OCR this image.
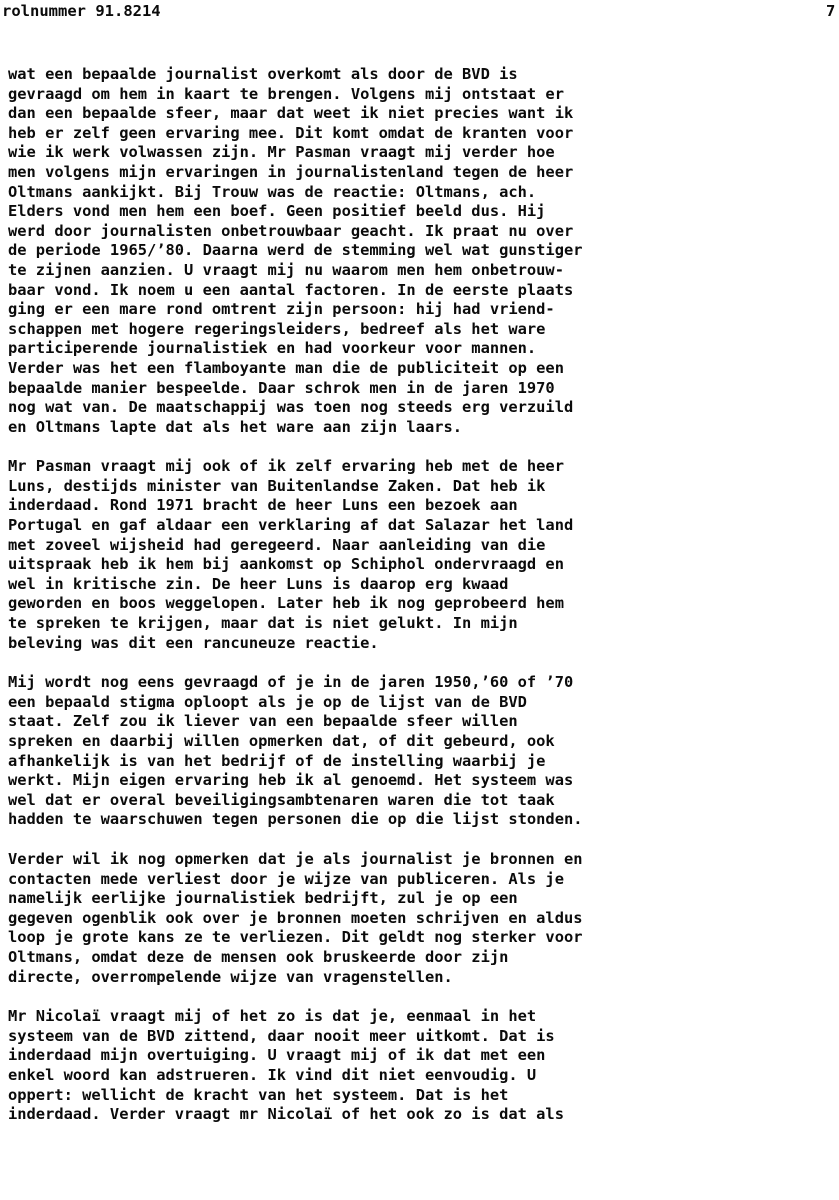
rolnummer 91.8214

	7

wat een bepaalde journalist overkomt als door de BVD is
gevraagd om hem in kaart te brengen. Volgens mij ontstaat er
dan een bepaalde sfeer, maar dat weet ik niet precies want ik
heb er zelf geen ervaring mee. Dit komt omdat de kranten voor
wie ik werk volwassen zijn. Mr Pasman vraagt mij verder hoe
men volgens mijn ervaringen in journalistenland tegen de heer
Oltmans aankijkt. Bij Trouw was de reactie: Oltmans, ach.
Elders vond men hem een boef. Geen positief beeld dus. Hij
werd door journalisten onbetrouwbaar geacht. Ik praat nu over
de periode 1965/’80. Daarna werd de stemming wel wat gunstiger
te zijnen aanzien. U vraagt mij nu waarom men hem onbetrouw-
baar vond. Ik noem u een aantal factoren. In de eerste plaats
ging er een mare rond omtrent zijn persoon: hij had vriend-
schappen met hogere regeringsleiders, bedreef als het ware
participerende journalistiek en had voorkeur voor mannen.
Verder was het een flamboyante man die de publiciteit op een
bepaalde manier bespeelde. Daar schrok men in de jaren 1970
nog wat van. De maatschappij was toen nog steeds erg verzuild
en Oltmans lapte dat als het ware aan zijn laars.
Mr Pasman vraagt mij ook of ik zelf ervaring heb met de heer
Luns, destijds minister van Buitenlandse Zaken. Dat heb ik
inderdaad. Rond 1971 bracht de heer Luns een bezoek aan
Portugal en gaf aldaar een verklaring af dat Salazar het land
met zoveel wijsheid had geregeerd. Naar aanleiding van die
uitspraak heb ik hem bij aankomst op Schiphol ondervraagd en
wel in kritische zin. De heer Luns is daarop erg kwaad
geworden en boos weggelopen. Later heb ik nog geprobeerd hem
te spreken te krijgen, maar dat is niet gelukt. In mijn
beleving was dit een rancuneuze reactie.
Mij wordt nog eens gevraagd of je in de jaren 1950,’60 of ’70
een bepaald stigma oploopt als je op de lijst van de BVD
staat. Zelf zou ik liever van een bepaalde sfeer willen
spreken en daarbij willen opmerken dat, of dit gebeurd, ook
afhankelijk is van het bedrijf of de instelling waarbij je
werkt. Mijn eigen ervaring heb ik al genoemd. Het systeem was
wel dat er overal beveiligingsambtenaren waren die tot taak
hadden te waarschuwen tegen personen die op die lijst stonden.
Verder wil ik nog opmerken dat je als journalist je bronnen en
contacten mede verliest door je wijze van publiceren. Als je
namelijk eerlijke journalistiek bedrijft, zul je op een
gegeven ogenblik ook over je bronnen moeten schrijven en aldus
loop je grote kans ze te verliezen. Dit geldt nog sterker voor
Oltmans, omdat deze de mensen ook bruskeerde door zijn
directe, overrompelende wijze van vragenstellen.
Mr Nicolaï vraagt mij of het zo is dat je, eenmaal in het
systeem van de BVD zittend, daar nooit meer uitkomt. Dat is
inderdaad mijn overtuiging. U vraagt mij of ik dat met een
enkel woord kan adstrueren. Ik vind dit niet eenvoudig. U
oppert: wellicht de kracht van het systeem. Dat is het
inderdaad. Verder vraagt mr Nicolaï of het ook zo is dat als
